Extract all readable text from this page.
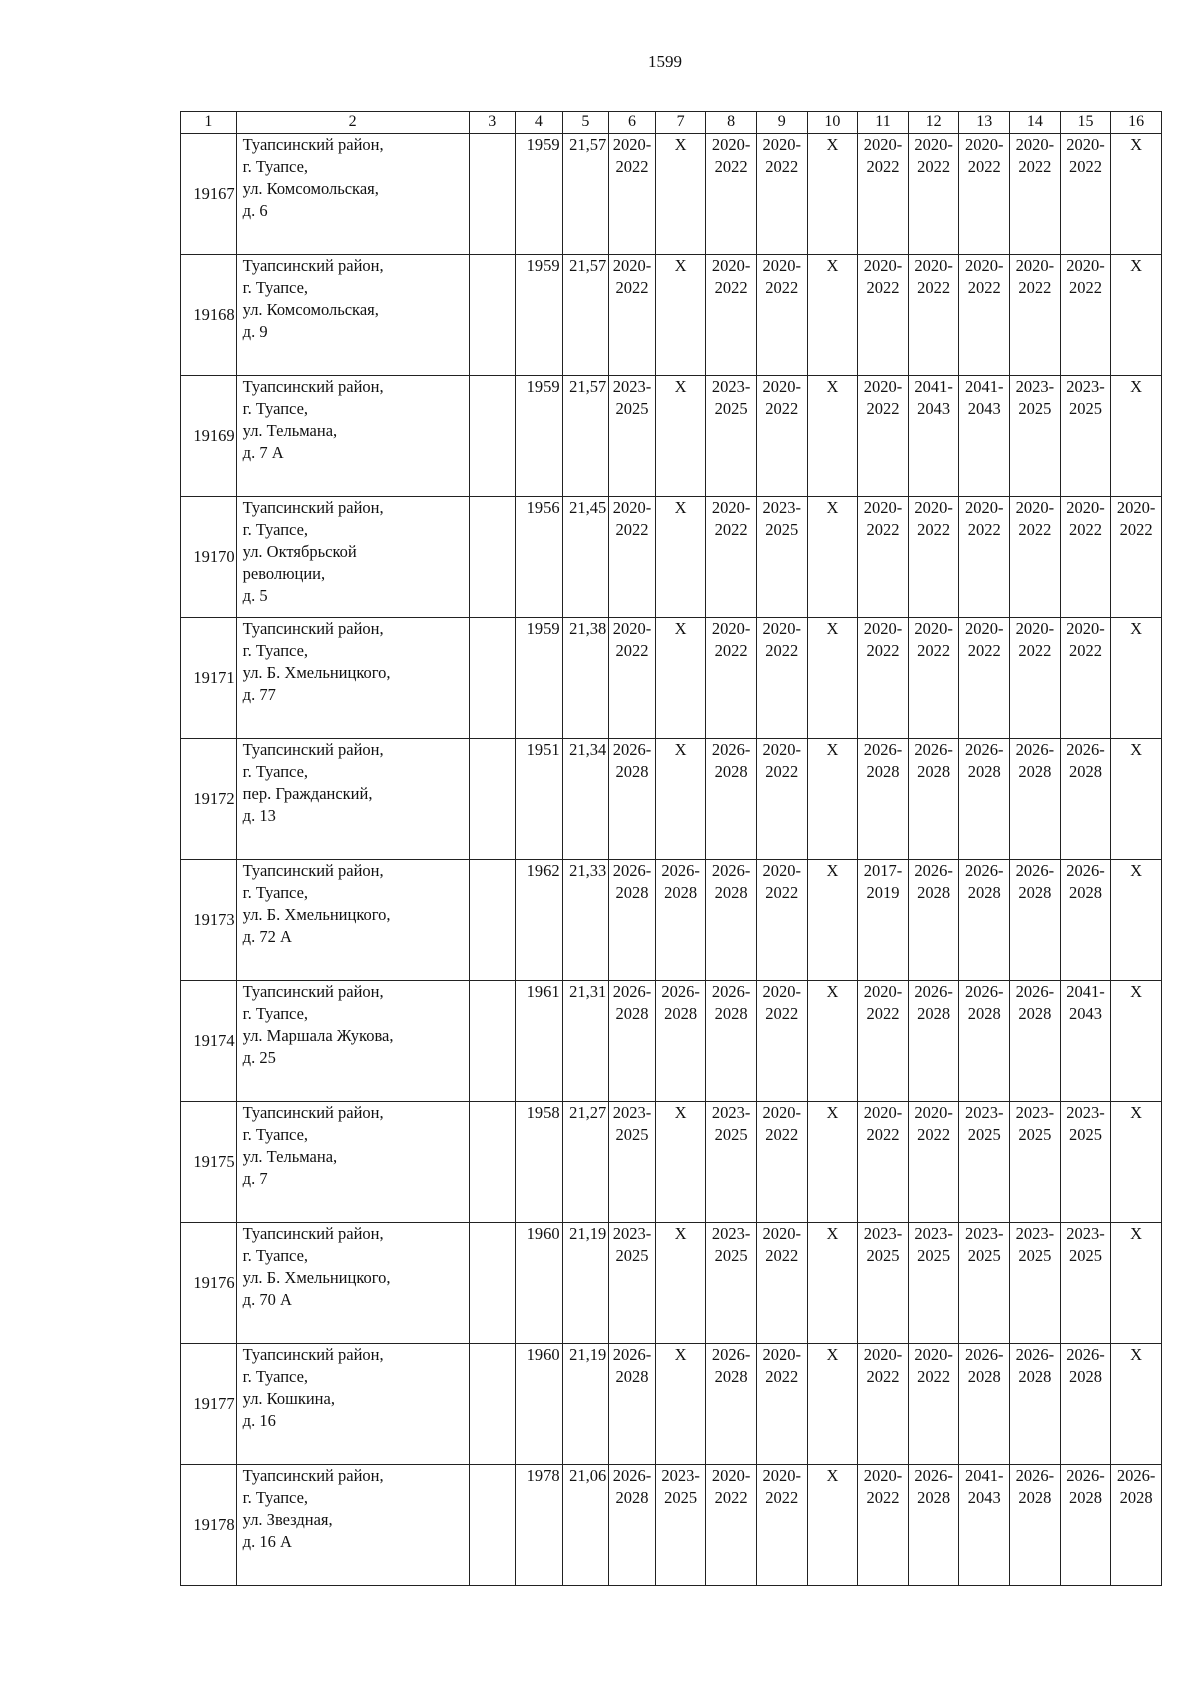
1599
1	2	3	4	5	6	7	8	9	10	11	12	13	14	15	16
19167	Туапсинский район,
г. Туапсе,
ул. Комсомольская,
д. 6		1959	21,57	2020-2022	X	2020-2022	2020-2022	X	2020-2022	2020-2022	2020-2022	2020-2022	2020-2022	X
19168	Туапсинский район,
г. Туапсе,
ул. Комсомольская,
д. 9		1959	21,57	2020-2022	X	2020-2022	2020-2022	X	2020-2022	2020-2022	2020-2022	2020-2022	2020-2022	X
19169	Туапсинский район,
г. Туапсе,
ул. Тельмана,
д. 7 А		1959	21,57	2023-2025	X	2023-2025	2020-2022	X	2020-2022	2041-2043	2041-2043	2023-2025	2023-2025	X
19170	Туапсинский район,
г. Туапсе,
ул. Октябрьской
революции,
д. 5		1956	21,45	2020-2022	X	2020-2022	2023-2025	X	2020-2022	2020-2022	2020-2022	2020-2022	2020-2022	2020-2022
19171	Туапсинский район,
г. Туапсе,
ул. Б. Хмельницкого,
д. 77		1959	21,38	2020-2022	X	2020-2022	2020-2022	X	2020-2022	2020-2022	2020-2022	2020-2022	2020-2022	X
19172	Туапсинский район,
г. Туапсе,
пер. Гражданский,
д. 13		1951	21,34	2026-2028	X	2026-2028	2020-2022	X	2026-2028	2026-2028	2026-2028	2026-2028	2026-2028	X
19173	Туапсинский район,
г. Туапсе,
ул. Б. Хмельницкого,
д. 72 А		1962	21,33	2026-2028	2026-2028	2026-2028	2020-2022	X	2017-2019	2026-2028	2026-2028	2026-2028	2026-2028	X
19174	Туапсинский район,
г. Туапсе,
ул. Маршала Жукова,
д. 25		1961	21,31	2026-2028	2026-2028	2026-2028	2020-2022	X	2020-2022	2026-2028	2026-2028	2026-2028	2041-2043	X
19175	Туапсинский район,
г. Туапсе,
ул. Тельмана,
д. 7		1958	21,27	2023-2025	X	2023-2025	2020-2022	X	2020-2022	2020-2022	2023-2025	2023-2025	2023-2025	X
19176	Туапсинский район,
г. Туапсе,
ул. Б. Хмельницкого,
д. 70 А		1960	21,19	2023-2025	X	2023-2025	2020-2022	X	2023-2025	2023-2025	2023-2025	2023-2025	2023-2025	X
19177	Туапсинский район,
г. Туапсе,
ул. Кошкина,
д. 16		1960	21,19	2026-2028	X	2026-2028	2020-2022	X	2020-2022	2020-2022	2026-2028	2026-2028	2026-2028	X
19178	Туапсинский район,
г. Туапсе,
ул. Звездная,
д. 16 А		1978	21,06	2026-2028	2023-2025	2020-2022	2020-2022	X	2020-2022	2026-2028	2041-2043	2026-2028	2026-2028	2026-2028
